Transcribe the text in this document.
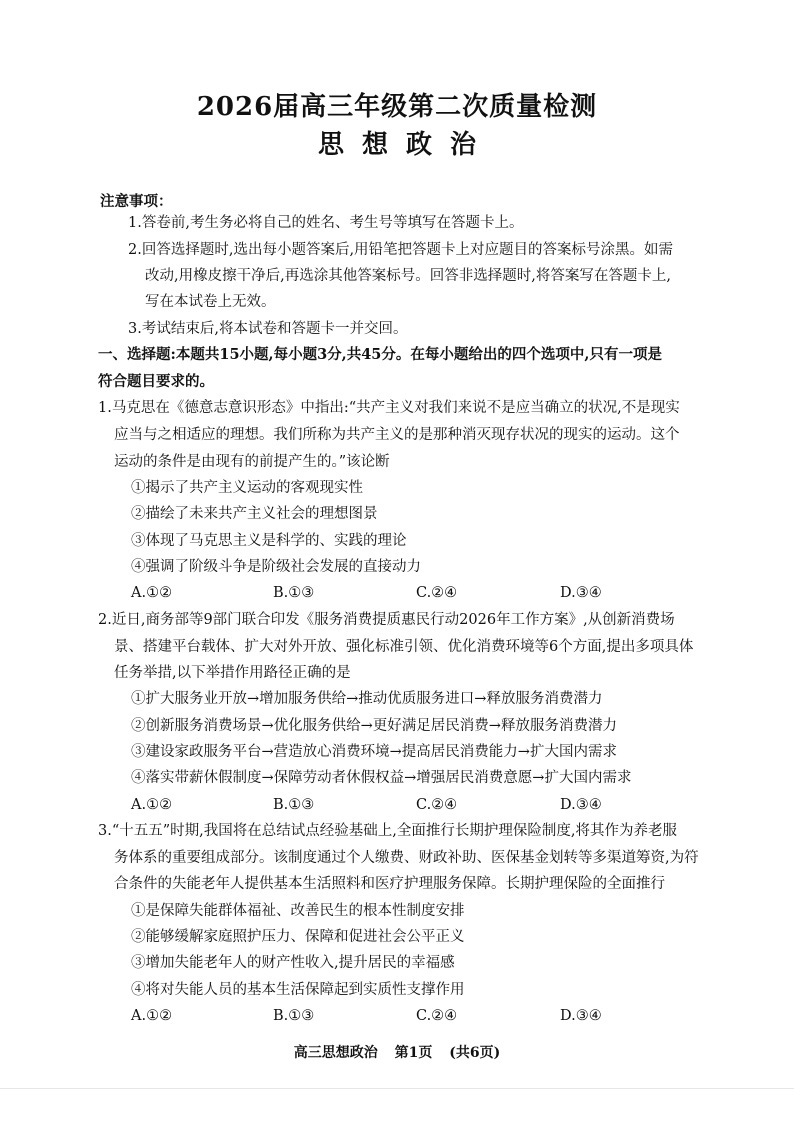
2026届高三年级第二次质量检测
思想政治
注意事项：
1.答卷前,考生务必将自己的姓名、考生号等填写在答题卡上。
2.回答选择题时,选出每小题答案后,用铅笔把答题卡上对应题目的答案标号涂黑。如需
改动,用橡皮擦干净后,再选涂其他答案标号。回答非选择题时,将答案写在答题卡上,
写在本试卷上无效。
3.考试结束后,将本试卷和答题卡一并交回。
一、选择题:本题共15小题,每小题3分,共45分。在每小题给出的四个选项中,只有一项是
符合题目要求的。
1.马克思在《德意志意识形态》中指出:“共产主义对我们来说不是应当确立的状况,不是现实
应当与之相适应的理想。我们所称为共产主义的是那种消灭现存状况的现实的运动。这个
运动的条件是由现有的前提产生的。”该论断
①揭示了共产主义运动的客观现实性
②描绘了未来共产主义社会的理想图景
③体现了马克思主义是科学的、实践的理论
④强调了阶级斗争是阶级社会发展的直接动力
A.①②	B.①③	C.②④	D.③④
2.近日,商务部等9部门联合印发《服务消费提质惠民行动2026年工作方案》,从创新消费场
景、搭建平台载体、扩大对外开放、强化标准引领、优化消费环境等6个方面,提出多项具体
任务举措,以下举措作用路径正确的是
①扩大服务业开放→增加服务供给→推动优质服务进口→释放服务消费潜力
②创新服务消费场景→优化服务供给→更好满足居民消费→释放服务消费潜力
③建设家政服务平台→营造放心消费环境→提高居民消费能力→扩大国内需求
④落实带薪休假制度→保障劳动者休假权益→增强居民消费意愿→扩大国内需求
A.①②	B.①③	C.②④	D.③④
3.“十五五”时期,我国将在总结试点经验基础上,全面推行长期护理保险制度,将其作为养老服
务体系的重要组成部分。该制度通过个人缴费、财政补助、医保基金划转等多渠道筹资,为符
合条件的失能老年人提供基本生活照料和医疗护理服务保障。长期护理保险的全面推行
①是保障失能群体福祉、改善民生的根本性制度安排
②能够缓解家庭照护压力、保障和促进社会公平正义
③增加失能老年人的财产性收入,提升居民的幸福感
④将对失能人员的基本生活保障起到实质性支撑作用
A.①②	B.①③	C.②④	D.③④
高三思想政治 第1页 (共6页)
